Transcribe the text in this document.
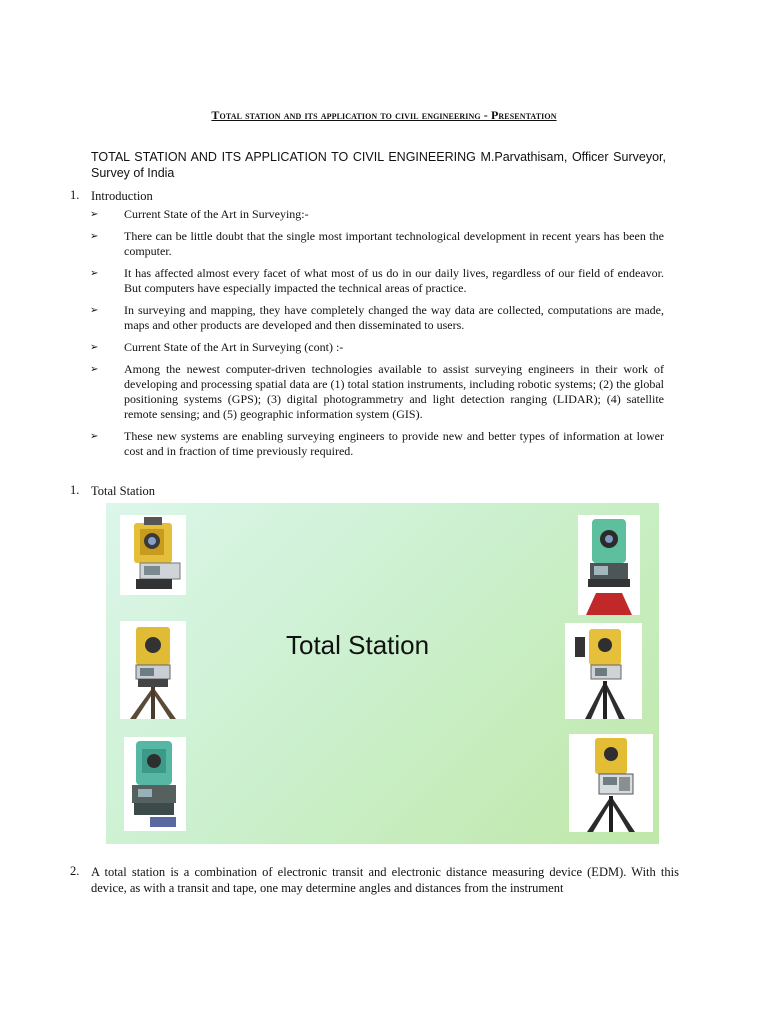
Total station and its application to civil engineering - Presentation
TOTAL STATION AND ITS APPLICATION TO CIVIL ENGINEERING M.Parvathisam, Officer Surveyor, Survey of India
1. Introduction
➢ Current State of the Art in Surveying:-
➢ There can be little doubt that the single most important technological development in recent years has been the computer.
➢ It has affected almost every facet of what most of us do in our daily lives, regardless of our field of endeavor. But computers have especially impacted the technical areas of practice.
➢ In surveying and mapping, they have completely changed the way data are collected, computations are made, maps and other products are developed and then disseminated to users.
➢ Current State of the Art in Surveying (cont) :-
➢ Among the newest computer-driven technologies available to assist surveying engineers in their work of developing and processing spatial data are (1) total station instruments, including robotic systems; (2) the global positioning systems (GPS); (3) digital photogrammetry and light detection ranging (LIDAR); (4) satellite remote sensing; and (5) geographic information system (GIS).
➢ These new systems are enabling surveying engineers to provide new and better types of information at lower cost and in fraction of time previously required.
1. Total Station
Total Station
2. A total station is a combination of electronic transit and electronic distance measuring device (EDM). With this device, as with a transit and tape, one may determine angles and distances from the instrument
